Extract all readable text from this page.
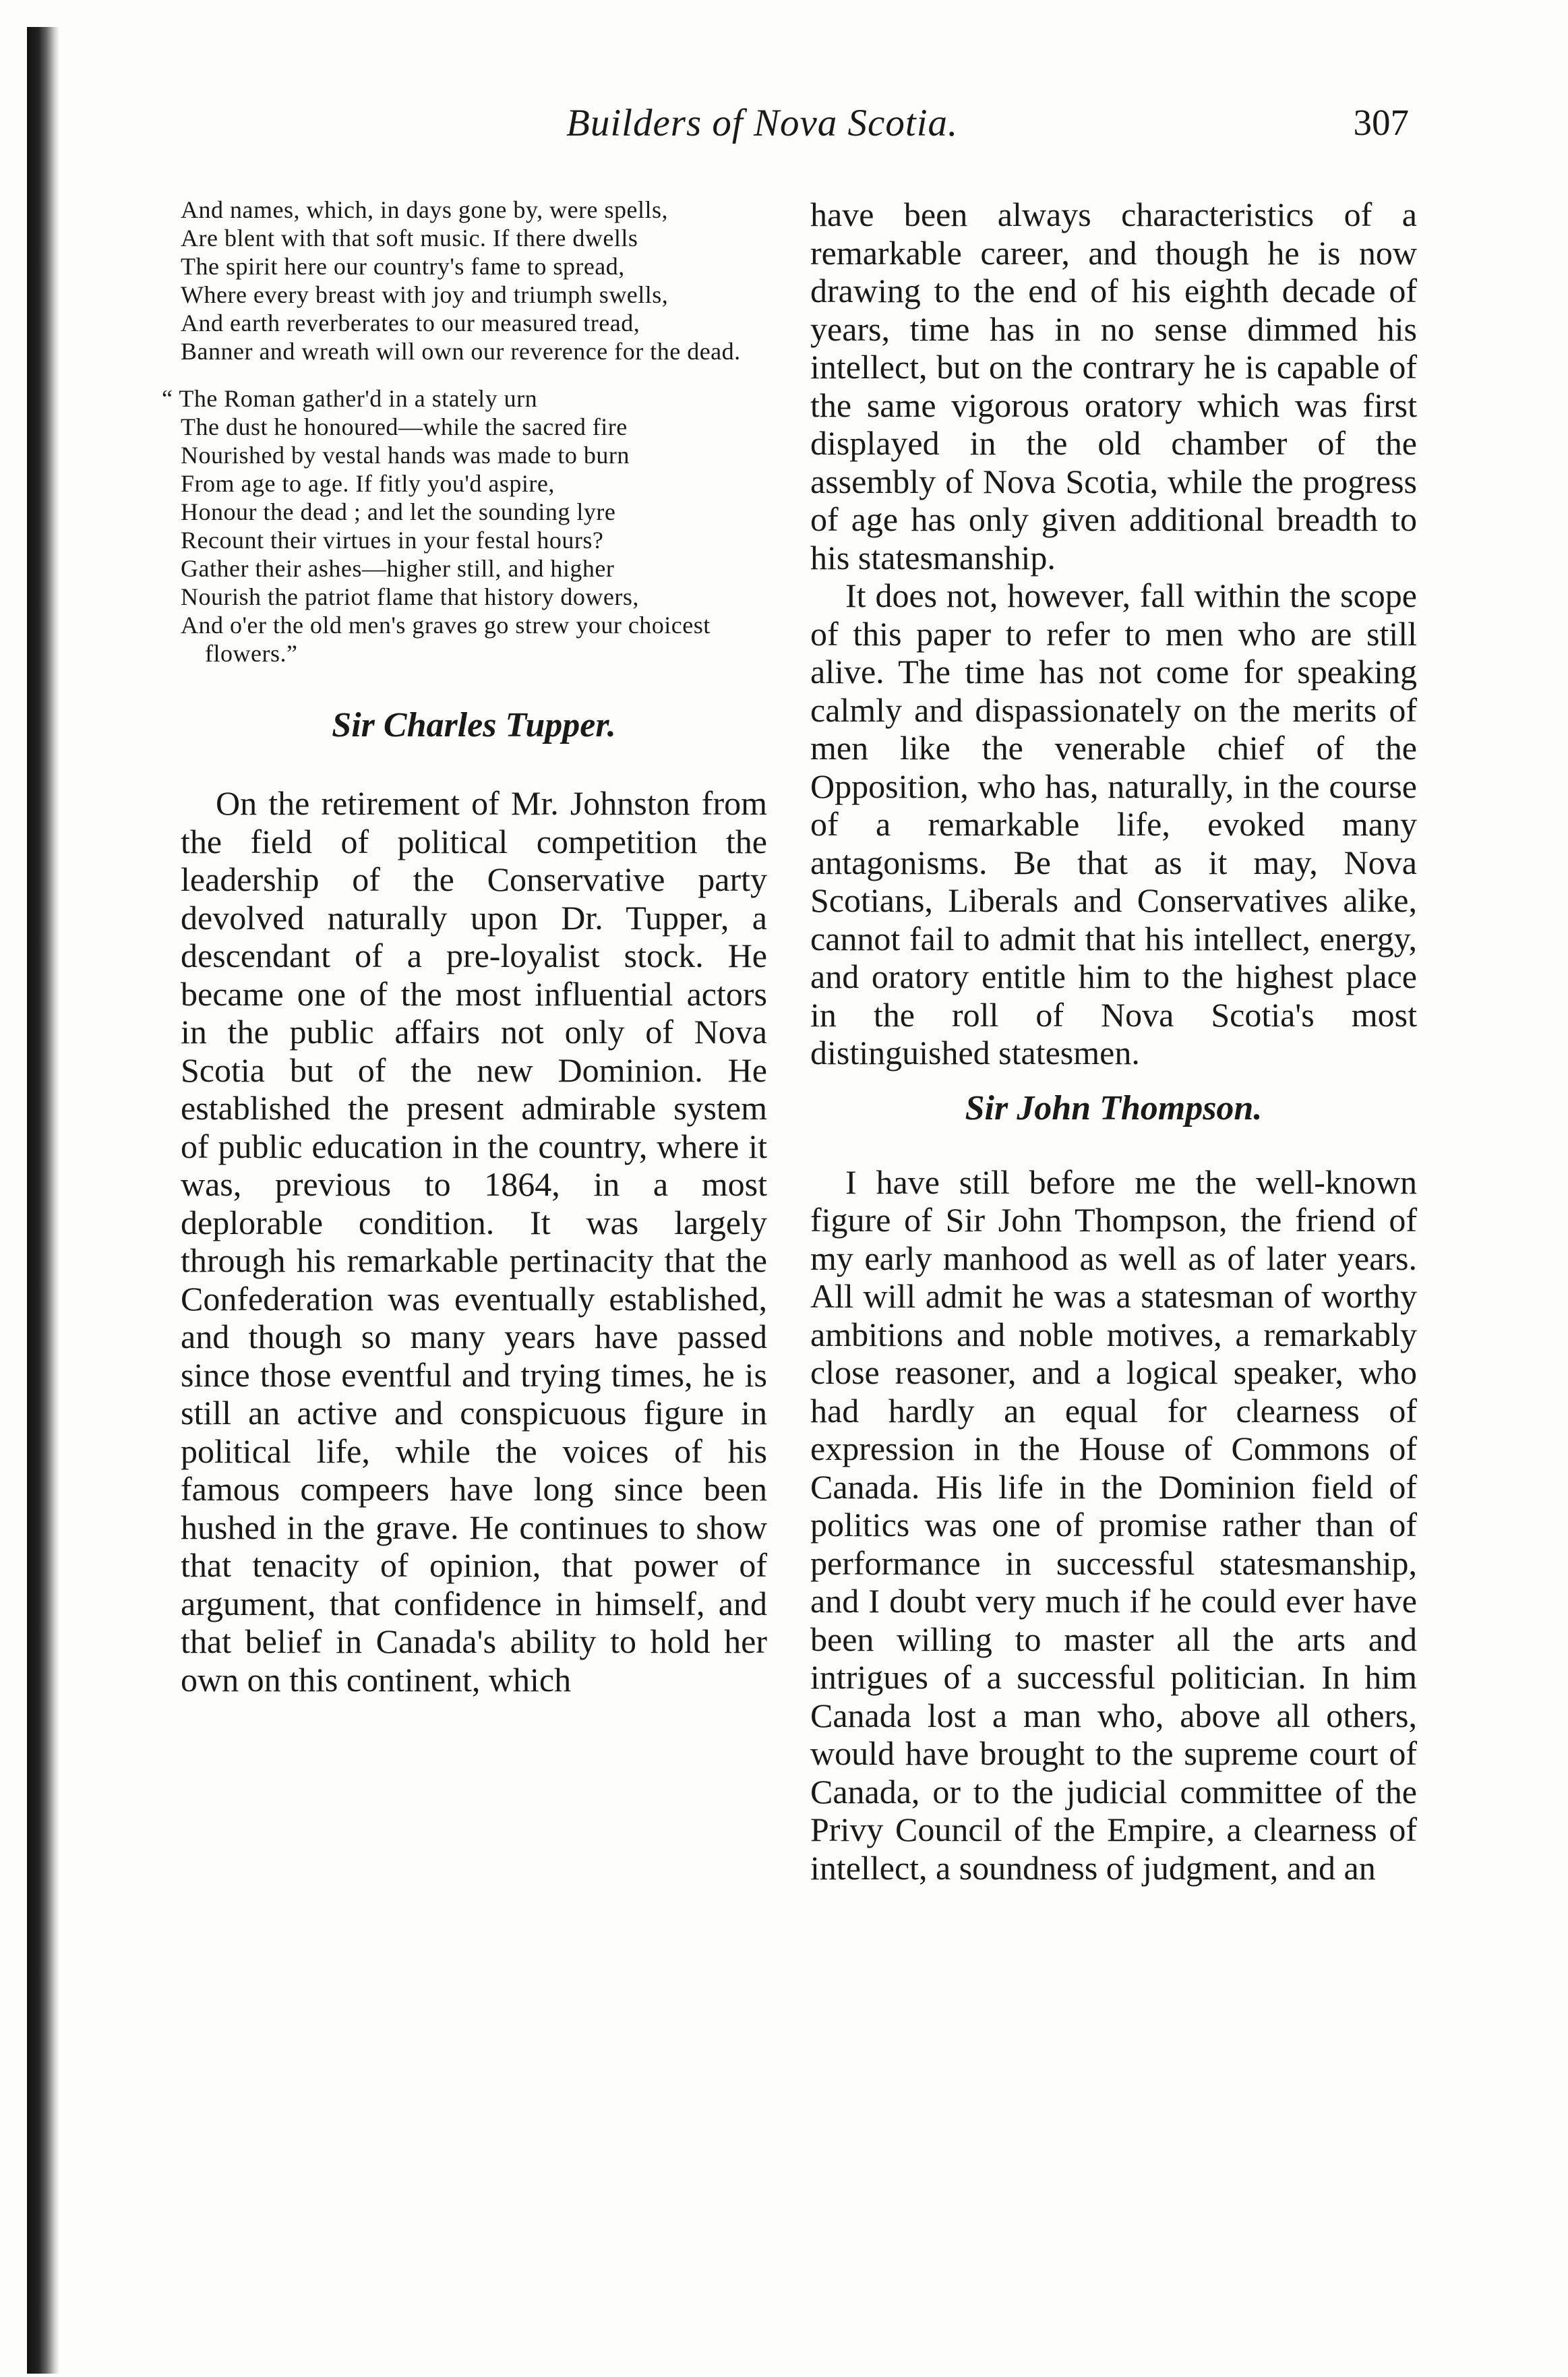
Builders of Nova Scotia.	307
And names, which, in days gone by, were spells,
Are blent with that soft music. If there dwells
The spirit here our country's fame to spread,
Where every breast with joy and triumph swells,
And earth reverberates to our measured tread,
Banner and wreath will own our reverence for the dead.
“ The Roman gather'd in a stately urn
The dust he honoured—while the sacred fire
Nourished by vestal hands was made to burn
From age to age. If fitly you'd aspire,
Honour the dead ; and let the sounding lyre
Recount their virtues in your festal hours?
Gather their ashes—higher still, and higher
Nourish the patriot flame that history dowers,
And o'er the old men's graves go strew your choicest flowers.”
Sir Charles Tupper.

On the retirement of Mr. Johnston from the field of political competition the leadership of the Conservative party devolved naturally upon Dr. Tupper, a descendant of a pre-loyalist stock. He became one of the most influential actors in the public affairs not only of Nova Scotia but of the new Dominion. He established the present admirable system of public education in the country, where it was, previous to 1864, in a most deplorable condition. It was largely through his remarkable pertinacity that the Confederation was eventually established, and though so many years have passed since those eventful and trying times, he is still an active and conspicuous figure in political life, while the voices of his famous compeers have long since been hushed in the grave. He continues to show that tenacity of opinion, that power of argument, that confidence in himself, and that belief in Canada's ability to hold her own on this continent, which

have been always characteristics of a remarkable career, and though he is now drawing to the end of his eighth decade of years, time has in no sense dimmed his intellect, but on the contrary he is capable of the same vigorous oratory which was first displayed in the old chamber of the assembly of Nova Scotia, while the progress of age has only given additional breadth to his statesmanship.

It does not, however, fall within the scope of this paper to refer to men who are still alive. The time has not come for speaking calmly and dispassionately on the merits of men like the venerable chief of the Opposition, who has, naturally, in the course of a remarkable life, evoked many antagonisms. Be that as it may, Nova Scotians, Liberals and Conservatives alike, cannot fail to admit that his intellect, energy, and oratory entitle him to the highest place in the roll of Nova Scotia's most distinguished statesmen.

Sir John Thompson.

I have still before me the well-known figure of Sir John Thompson, the friend of my early manhood as well as of later years. All will admit he was a statesman of worthy ambitions and noble motives, a remarkably close reasoner, and a logical speaker, who had hardly an equal for clearness of expression in the House of Commons of Canada. His life in the Dominion field of politics was one of promise rather than of performance in successful statesmanship, and I doubt very much if he could ever have been willing to master all the arts and intrigues of a successful politician. In him Canada lost a man who, above all others, would have brought to the supreme court of Canada, or to the judicial committee of the Privy Council of the Empire, a clearness of intellect, a soundness of judgment, and an
